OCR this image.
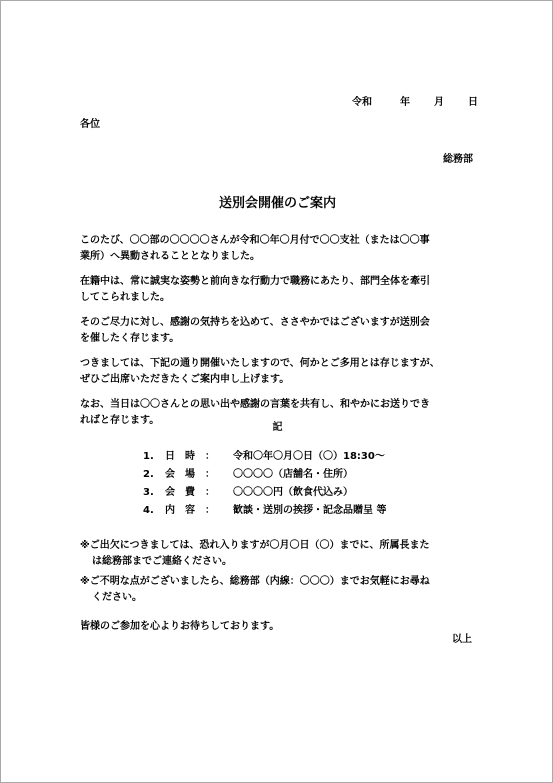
令和	年 月 日
各位
総務部
送別会開催のご案内

このたび、〇〇部の〇〇〇〇さんが令和〇年〇月付で〇〇支社（または〇〇事
業所）へ異動されることとなりました。

在籍中は、常に誠実な姿勢と前向きな行動力で職務にあたり、部門全体を牽引
してこられました。

そのご尽力に対し、感謝の気持ちを込めて、ささやかではございますが送別会
を催したく存じます。

つきましては、下記の通り開催いたしますので、何かとご多用とは存じますが、
ぜひご出席いただきたくご案内申し上げます。

なお、当日は〇〇さんとの思い出や感謝の言葉を共有し、和やかにお送りでき
ればと存じます。

記
1. 日　時　： 令和〇年〇月〇日（〇）18:30～
2. 会　場　： 〇〇〇〇（店舗名・住所）
3. 会　費　： 〇〇〇〇円（飲食代込み）
4. 内　容　： 歓談・送別の挨拶・記念品贈呈 等

※ご出欠につきましては、恐れ入りますが〇月〇日（〇）までに、所属長また
は総務部までご連絡ください。

※ご不明な点がございましたら、総務部（内線：〇〇〇）までお気軽にお尋ね
ください。

皆様のご参加を心よりお待ちしております。
以上
